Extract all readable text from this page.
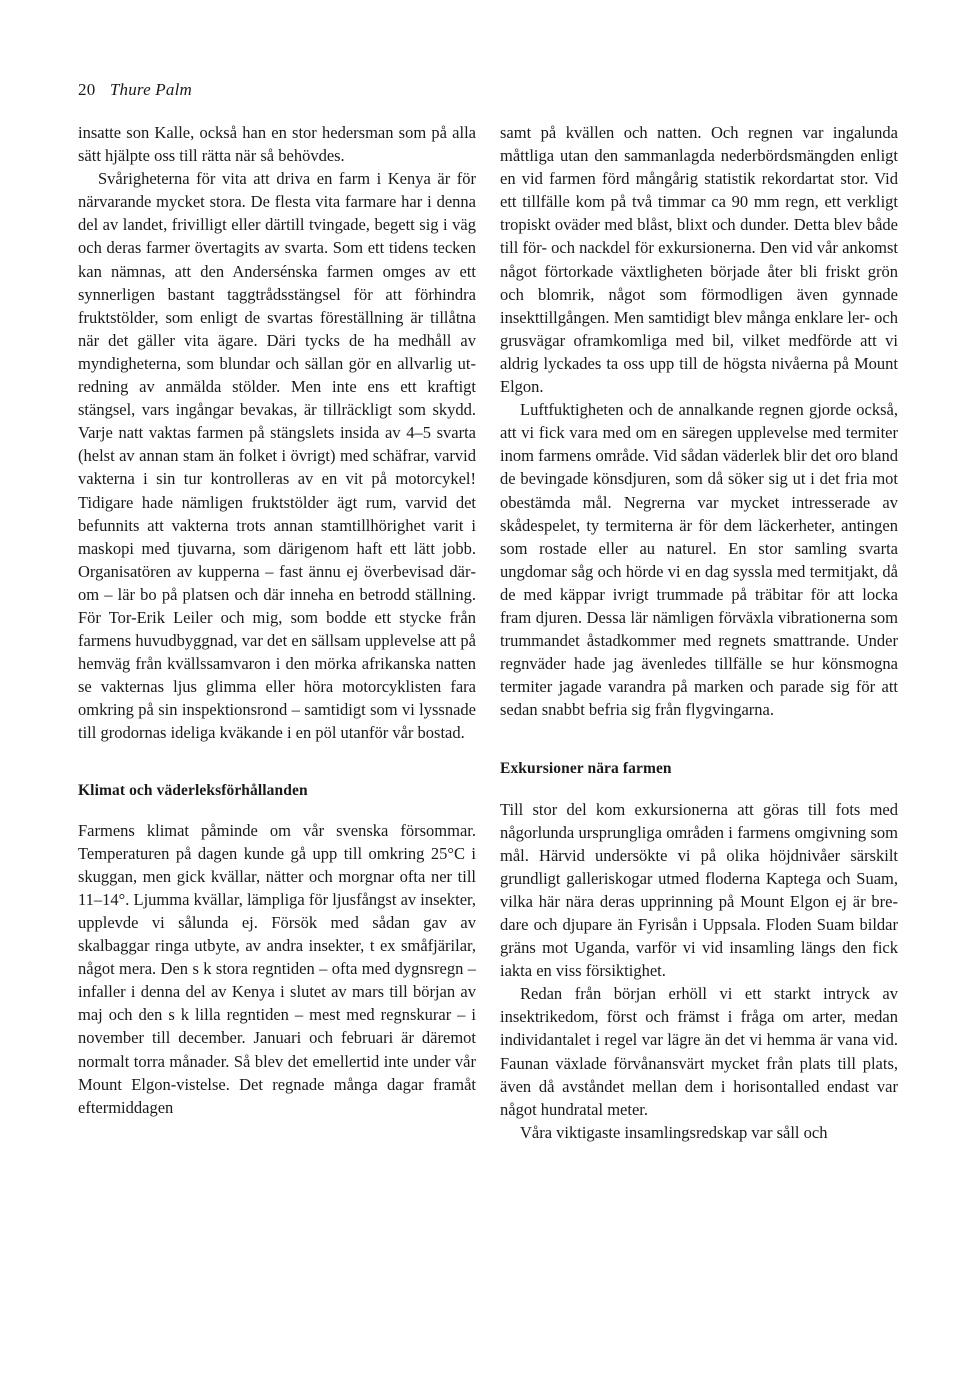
20 Thure Palm

insatte son Kalle, också han en stor hedersman som på alla sätt hjälpte oss till rätta när så behövdes.

Svårigheterna för vita att driva en farm i Kenya är för närvarande mycket stora. De flesta vita farmare har i denna del av landet, frivilligt eller därtill tvingade, begett sig i väg och deras farmer övertagits av svarta. Som ett tidens tecken kan nämnas, att den Andersénska farmen omges av ett synnerligen bastant taggtrådsstängsel för att förhindra fruktstölder, som enligt de svartas föreställning är tillåtna när det gäller vita ägare. Däri tycks de ha medhåll av myndigheterna, som blundar och sällan gör en allvarlig utredning av anmälda stölder. Men inte ens ett kraftigt stängsel, vars ingångar bevakas, är tillräckligt som skydd. Varje natt vaktas farmen på stängslets insida av 4–5 svarta (helst av annan stam än folket i övrigt) med schäfrar, varvid vakterna i sin tur kontrolleras av en vit på motorcykel! Tidigare hade nämligen fruktstölder ägt rum, varvid det befunnits att vakterna trots annan stamtillhörighet varit i maskopi med tjuvarna, som därigenom haft ett lätt jobb. Organisatören av kupperna – fast ännu ej överbevisad därom – lär bo på platsen och där inneha en betrodd ställning. För Tor-Erik Leiler och mig, som bodde ett stycke från farmens huvudbyggnad, var det en sällsam upplevelse att på hemväg från kvällssamvaron i den mörka afrikanska natten se vakternas ljus glimma eller höra motorcyklisten fara omkring på sin inspektionsrond – samtidigt som vi lyssnade till grodornas ideliga kväkande i en pöl utanför vår bostad.

Klimat och väderleksförhållanden

Farmens klimat påminde om vår svenska försommar. Temperaturen på dagen kunde gå upp till omkring 25°C i skuggan, men gick kvällar, nätter och morgnar ofta ner till 11–14°. Ljumma kvällar, lämpliga för ljusfångst av insekter, upplevde vi sålunda ej. Försök med sådan gav av skalbaggar ringa utbyte, av andra insekter, t ex småfjärilar, något mera. Den s k stora regntiden – ofta med dygnsregn – infaller i denna del av Kenya i slutet av mars till början av maj och den s k lilla regntiden – mest med regnskurar – i november till december. Januari och februari är däremot normalt torra månader. Så blev det emellertid inte under vår Mount Elgon-vistelse. Det regnade många dagar framåt eftermiddagen

samt på kvällen och natten. Och regnen var ingalunda måttliga utan den sammanlagda nederbördsmängden enligt en vid farmen förd mångårig statistik rekordartat stor. Vid ett tillfälle kom på två timmar ca 90 mm regn, ett verkligt tropiskt oväder med blåst, blixt och dunder. Detta blev både till för- och nackdel för exkursionerna. Den vid vår ankomst något förtorkade växtligheten började åter bli friskt grön och blomrik, något som förmodligen även gynnade insekttillgången. Men samtidigt blev många enklare ler- och grusvägar oframkomliga med bil, vilket medförde att vi aldrig lyckades ta oss upp till de högsta nivåerna på Mount Elgon.

Luftfuktigheten och de annalkande regnen gjorde också, att vi fick vara med om en säregen upplevelse med termiter inom farmens område. Vid sådan väderlek blir det oro bland de bevingade könsdjuren, som då söker sig ut i det fria mot obestämda mål. Negrerna var mycket intresserade av skådespelet, ty termiterna är för dem läckerheter, antingen som rostade eller au naturel. En stor samling svarta ungdomar såg och hörde vi en dag syssla med termitjakt, då de med käppar ivrigt trummade på träbitar för att locka fram djuren. Dessa lär nämligen förväxla vibrationerna som trummandet åstadkommer med regnets smattrande. Under regnväder hade jag ävenledes tillfälle se hur könsmogna termiter jagade varandra på marken och parade sig för att sedan snabbt befria sig från flygvingarna.

Exkursioner nära farmen

Till stor del kom exkursionerna att göras till fots med någorlunda ursprungliga områden i farmens omgivning som mål. Härvid undersökte vi på olika höjdnivåer särskilt grundligt galleriskogar utmed floderna Kaptega och Suam, vilka här nära deras upprinning på Mount Elgon ej är bredare och djupare än Fyrisån i Uppsala. Floden Suam bildar gräns mot Uganda, varför vi vid insamling längs den fick iakta en viss försiktighet.

Redan från början erhöll vi ett starkt intryck av insektrikedom, först och främst i fråga om arter, medan individantalet i regel var lägre än det vi hemma är vana vid. Faunan växlade förvånansvärt mycket från plats till plats, även då avståndet mellan dem i horisontalled endast var något hundratal meter.

Våra viktigaste insamlingsredskap var såll och
